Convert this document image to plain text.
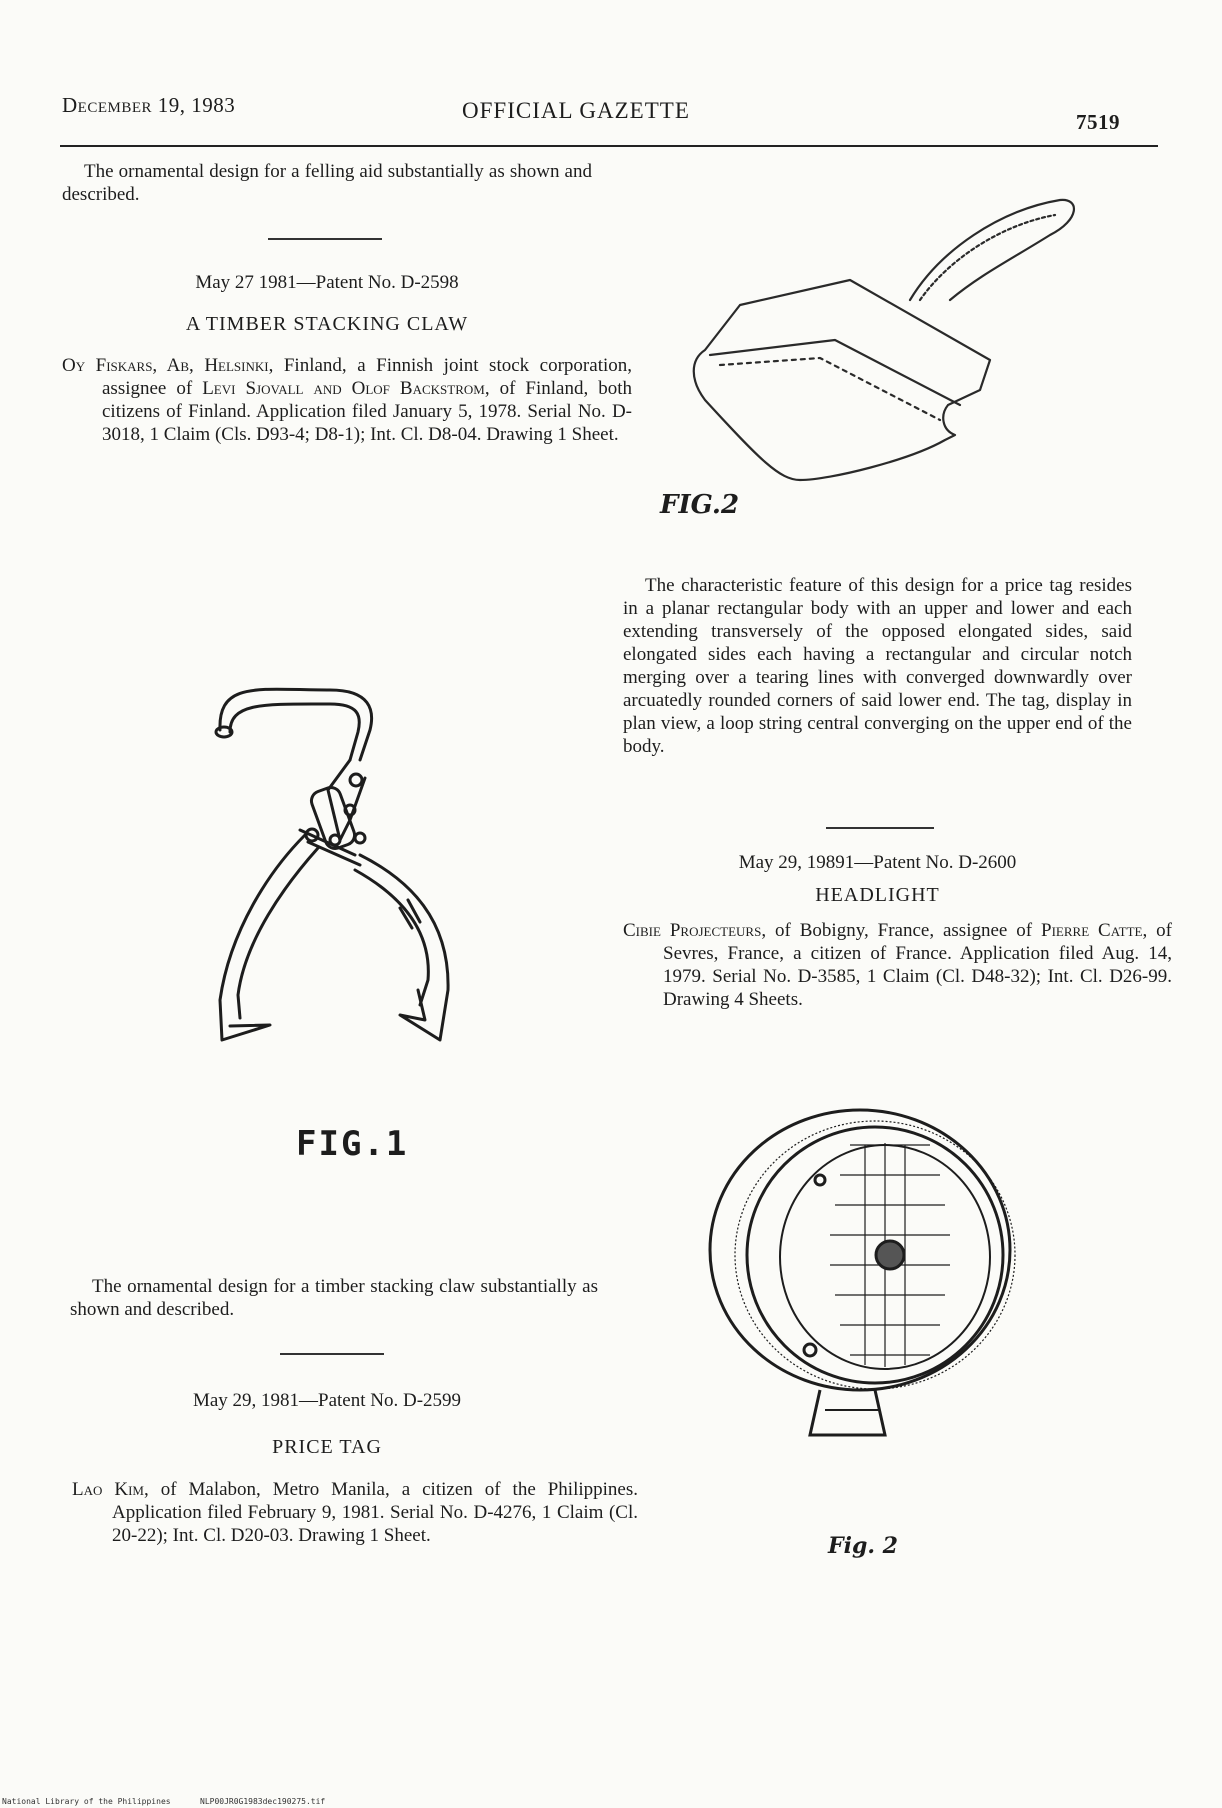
December 19, 1983	OFFICIAL GAZETTE	7519
The ornamental design for a felling aid substantially as shown and described.
May 27 1981—Patent No. D-2598
A TIMBER STACKING CLAW
Oy Fiskars, Ab, Helsinki, Finland, a Finnish joint stock corporation, assignee of Levi Sjovall and Olof Backstrom, of Finland, both citizens of Finland. Application filed January 5, 1978. Serial No. D-3018, 1 Claim (Cls. D93-4; D8-1); Int. Cl. D8-04. Drawing 1 Sheet.
FIG.1
The ornamental design for a timber stacking claw substantially as shown and described.
May 29, 1981—Patent No. D-2599
PRICE TAG
Lao Kim, of Malabon, Metro Manila, a citizen of the Philippines. Application filed February 9, 1981. Serial No. D-4276, 1 Claim (Cl. 20-22); Int. Cl. D20-03. Drawing 1 Sheet.
FIG.2
The characteristic feature of this design for a price tag resides in a planar rectangular body with an upper and lower and each extending transversely of the opposed elongated sides, said elongated sides each having a rectangular and circular notch merging over a tearing lines with converged downwardly over arcuatedly rounded corners of said lower end. The tag, display in plan view, a loop string central converging on the upper end of the body.
May 29, 19891—Patent No. D-2600
HEADLIGHT
Cibie Projecteurs, of Bobigny, France, assignee of Pierre Catte, of Sevres, France, a citizen of France. Application filed Aug. 14, 1979. Serial No. D-3585, 1 Claim (Cl. D48-32); Int. Cl. D26-99. Drawing 4 Sheets.
Fig. 2
National Library of the Philippines	NLP00JR0G1983dec190275.tif
